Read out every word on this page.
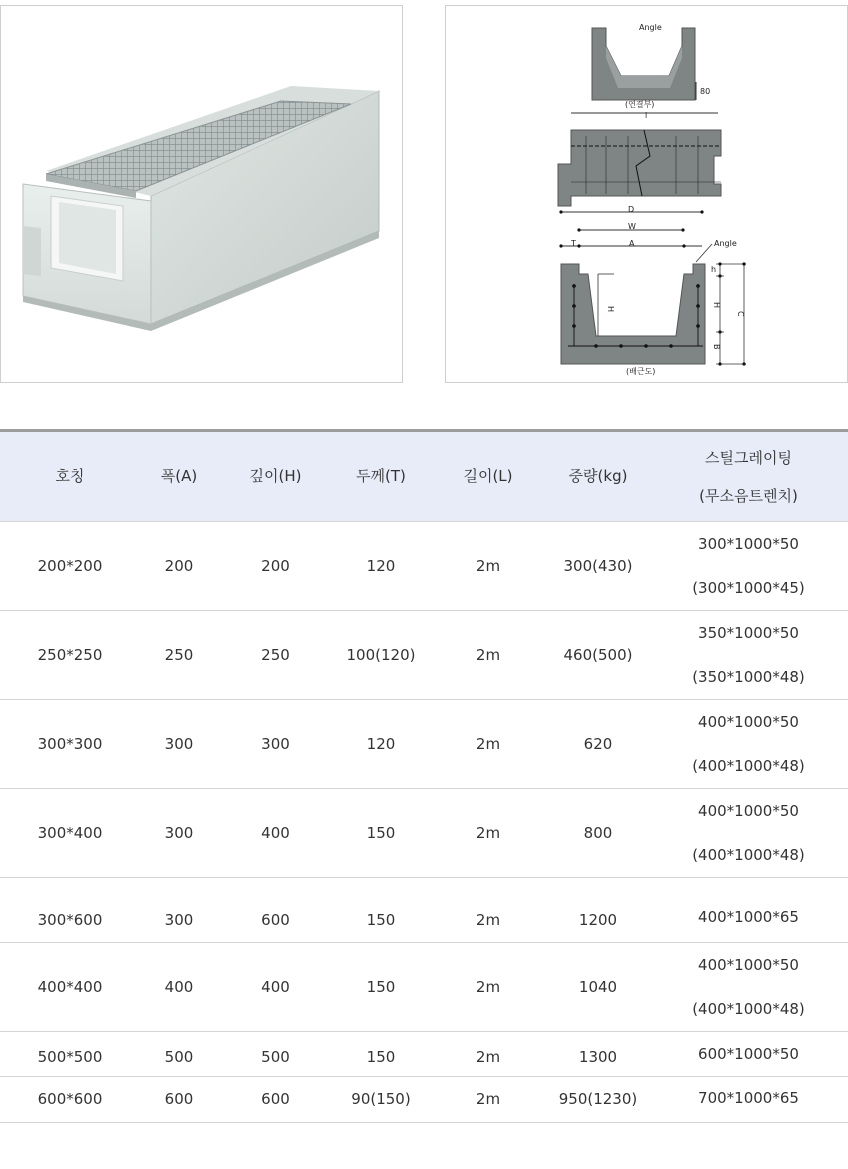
Angle
80
(연결부)
l
D
W
T	A	Angle
H
h
H
C
B
(배근도)
호칭	폭(A)	깊이(H)	두께(T)	길이(L)	중량(kg)	스틸그레이팅
(무소음트렌치)

200*200	200	200	120	2m	300(430)	300*1000*50
(300*1000*45)

250*250	250	250	100(120)	2m	460(500)	350*1000*50
(350*1000*48)

300*300	300	300	120	2m	620	400*1000*50
(400*1000*48)

300*400	300	400	150	2m	800	400*1000*50
(400*1000*48)

300*600	300	600	150	2m	1200	400*1000*65

400*400	400	400	150	2m	1040	400*1000*50
(400*1000*48)

500*500	500	500	150	2m	1300	600*1000*50

600*600	600	600	90(150)	2m	950(1230)	700*1000*65
